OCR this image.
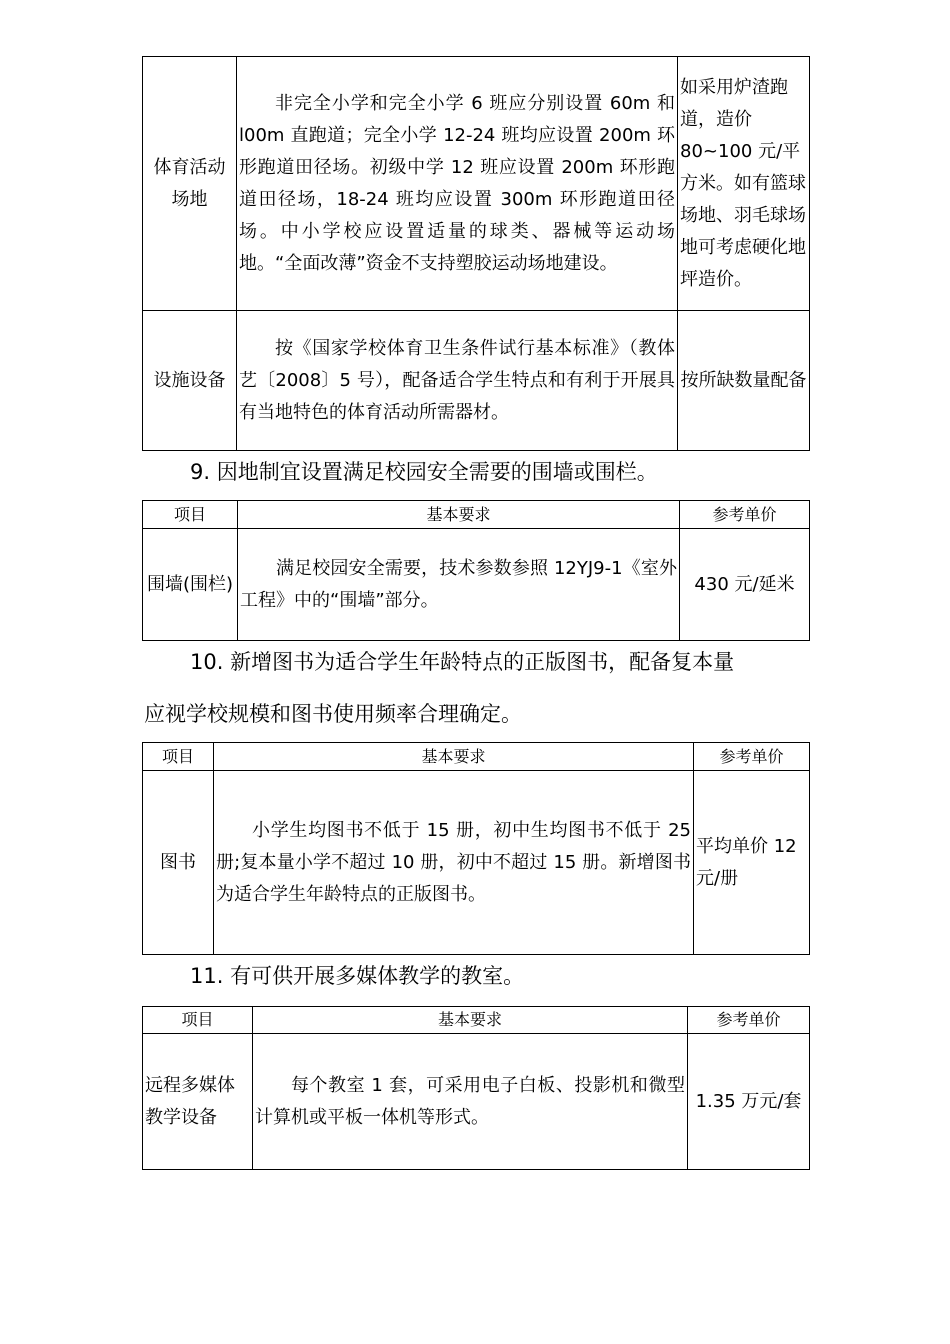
体育活动场地	非完全小学和完全小学 6 班应分别设置 60m 和 l00m 直跑道；完全小学 12-24 班均应设置 200m 环形跑道田径场。初级中学 12 班应设置 200m 环形跑道田径场，18-24 班均应设置 300m 环形跑道田径场。中小学校应设置适量的球类、器械等运动场地。“全面改薄”资金不支持塑胶运动场地建设。	如采用炉渣跑道，造价 80~100 元/平方米。如有篮球场地、羽毛球场地可考虑硬化地坪造价。
设施设备	按《国家学校体育卫生条件试行基本标准》（教体艺〔2008〕5 号），配备适合学生特点和有利于开展具有当地特色的体育活动所需器材。	按所缺数量配备
9. 因地制宜设置满足校园安全需要的围墙或围栏。
项目	基本要求	参考单价
围墙(围栏)	满足校园安全需要，技术参数参照 12YJ9-1《室外工程》中的“围墙”部分。	430 元/延米
10. 新增图书为适合学生年龄特点的正版图书，配备复本量
应视学校规模和图书使用频率合理确定。
项目	基本要求	参考单价
图书	小学生均图书不低于 15 册，初中生均图书不低于 25 册;复本量小学不超过 10 册，初中不超过 15 册。新增图书为适合学生年龄特点的正版图书。	平均单价 12 元/册
11. 有可供开展多媒体教学的教室。
项目	基本要求	参考单价
远程多媒体教学设备	每个教室 1 套，可采用电子白板、投影机和微型计算机或平板一体机等形式。	1.35 万元/套
